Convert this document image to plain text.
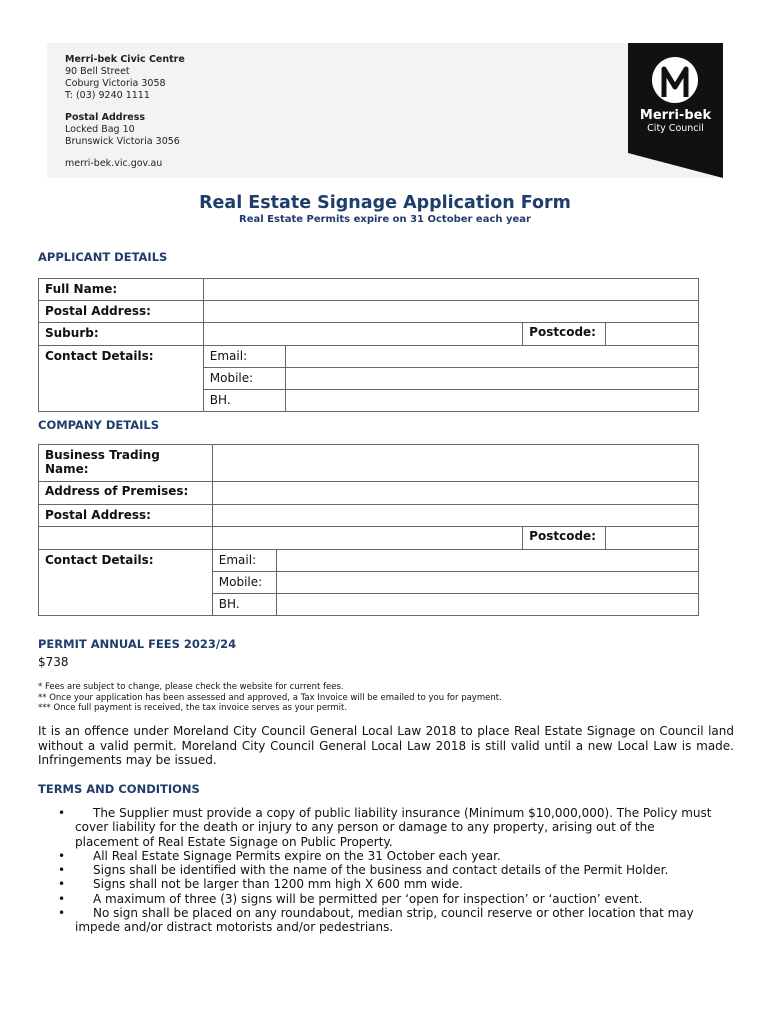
Merri-bek Civic Centre
90 Bell Street
Coburg Victoria 3058
T: (03) 9240 1111
Postal Address
Locked Bag 10
Brunswick Victoria 3056
merri-bek.vic.gov.au
Merri-bek
City Council
Real Estate Signage Application Form
Real Estate Permits expire on 31 October each year
APPLICANT DETAILS
Full Name:				

Postal Address:				

Suburb:			Postcode:	

Contact Details:	Email:			

	Mobile:			

	BH.			

COMPANY DETAILS
Business Trading Name:				

Address of Premises:				

Postal Address:				

			Postcode:	

Contact Details:	Email:			

	Mobile:			

	BH.			

PERMIT ANNUAL FEES 2023/24
$738
* Fees are subject to change, please check the website for current fees.
** Once your application has been assessed and approved, a Tax Invoice will be emailed to you for payment.
*** Once full payment is received, the tax invoice serves as your permit.
It is an offence under Moreland City Council General Local Law 2018 to place Real Estate Signage on Council land without a valid permit. Moreland City Council General Local Law 2018 is still valid until a new Local Law is made. Infringements may be issued.
TERMS AND CONDITIONS
• The Supplier must provide a copy of public liability insurance (Minimum $10,000,000). The Policy must cover liability for the death or injury to any person or damage to any property, arising out of the placement of Real Estate Signage on Public Property.
• All Real Estate Signage Permits expire on the 31 October each year.
• Signs shall be identified with the name of the business and contact details of the Permit Holder.
• Signs shall not be larger than 1200 mm high X 600 mm wide.
• A maximum of three (3) signs will be permitted per ‘open for inspection’ or ‘auction’ event.
• No sign shall be placed on any roundabout, median strip, council reserve or other location that may impede and/or distract motorists and/or pedestrians.
